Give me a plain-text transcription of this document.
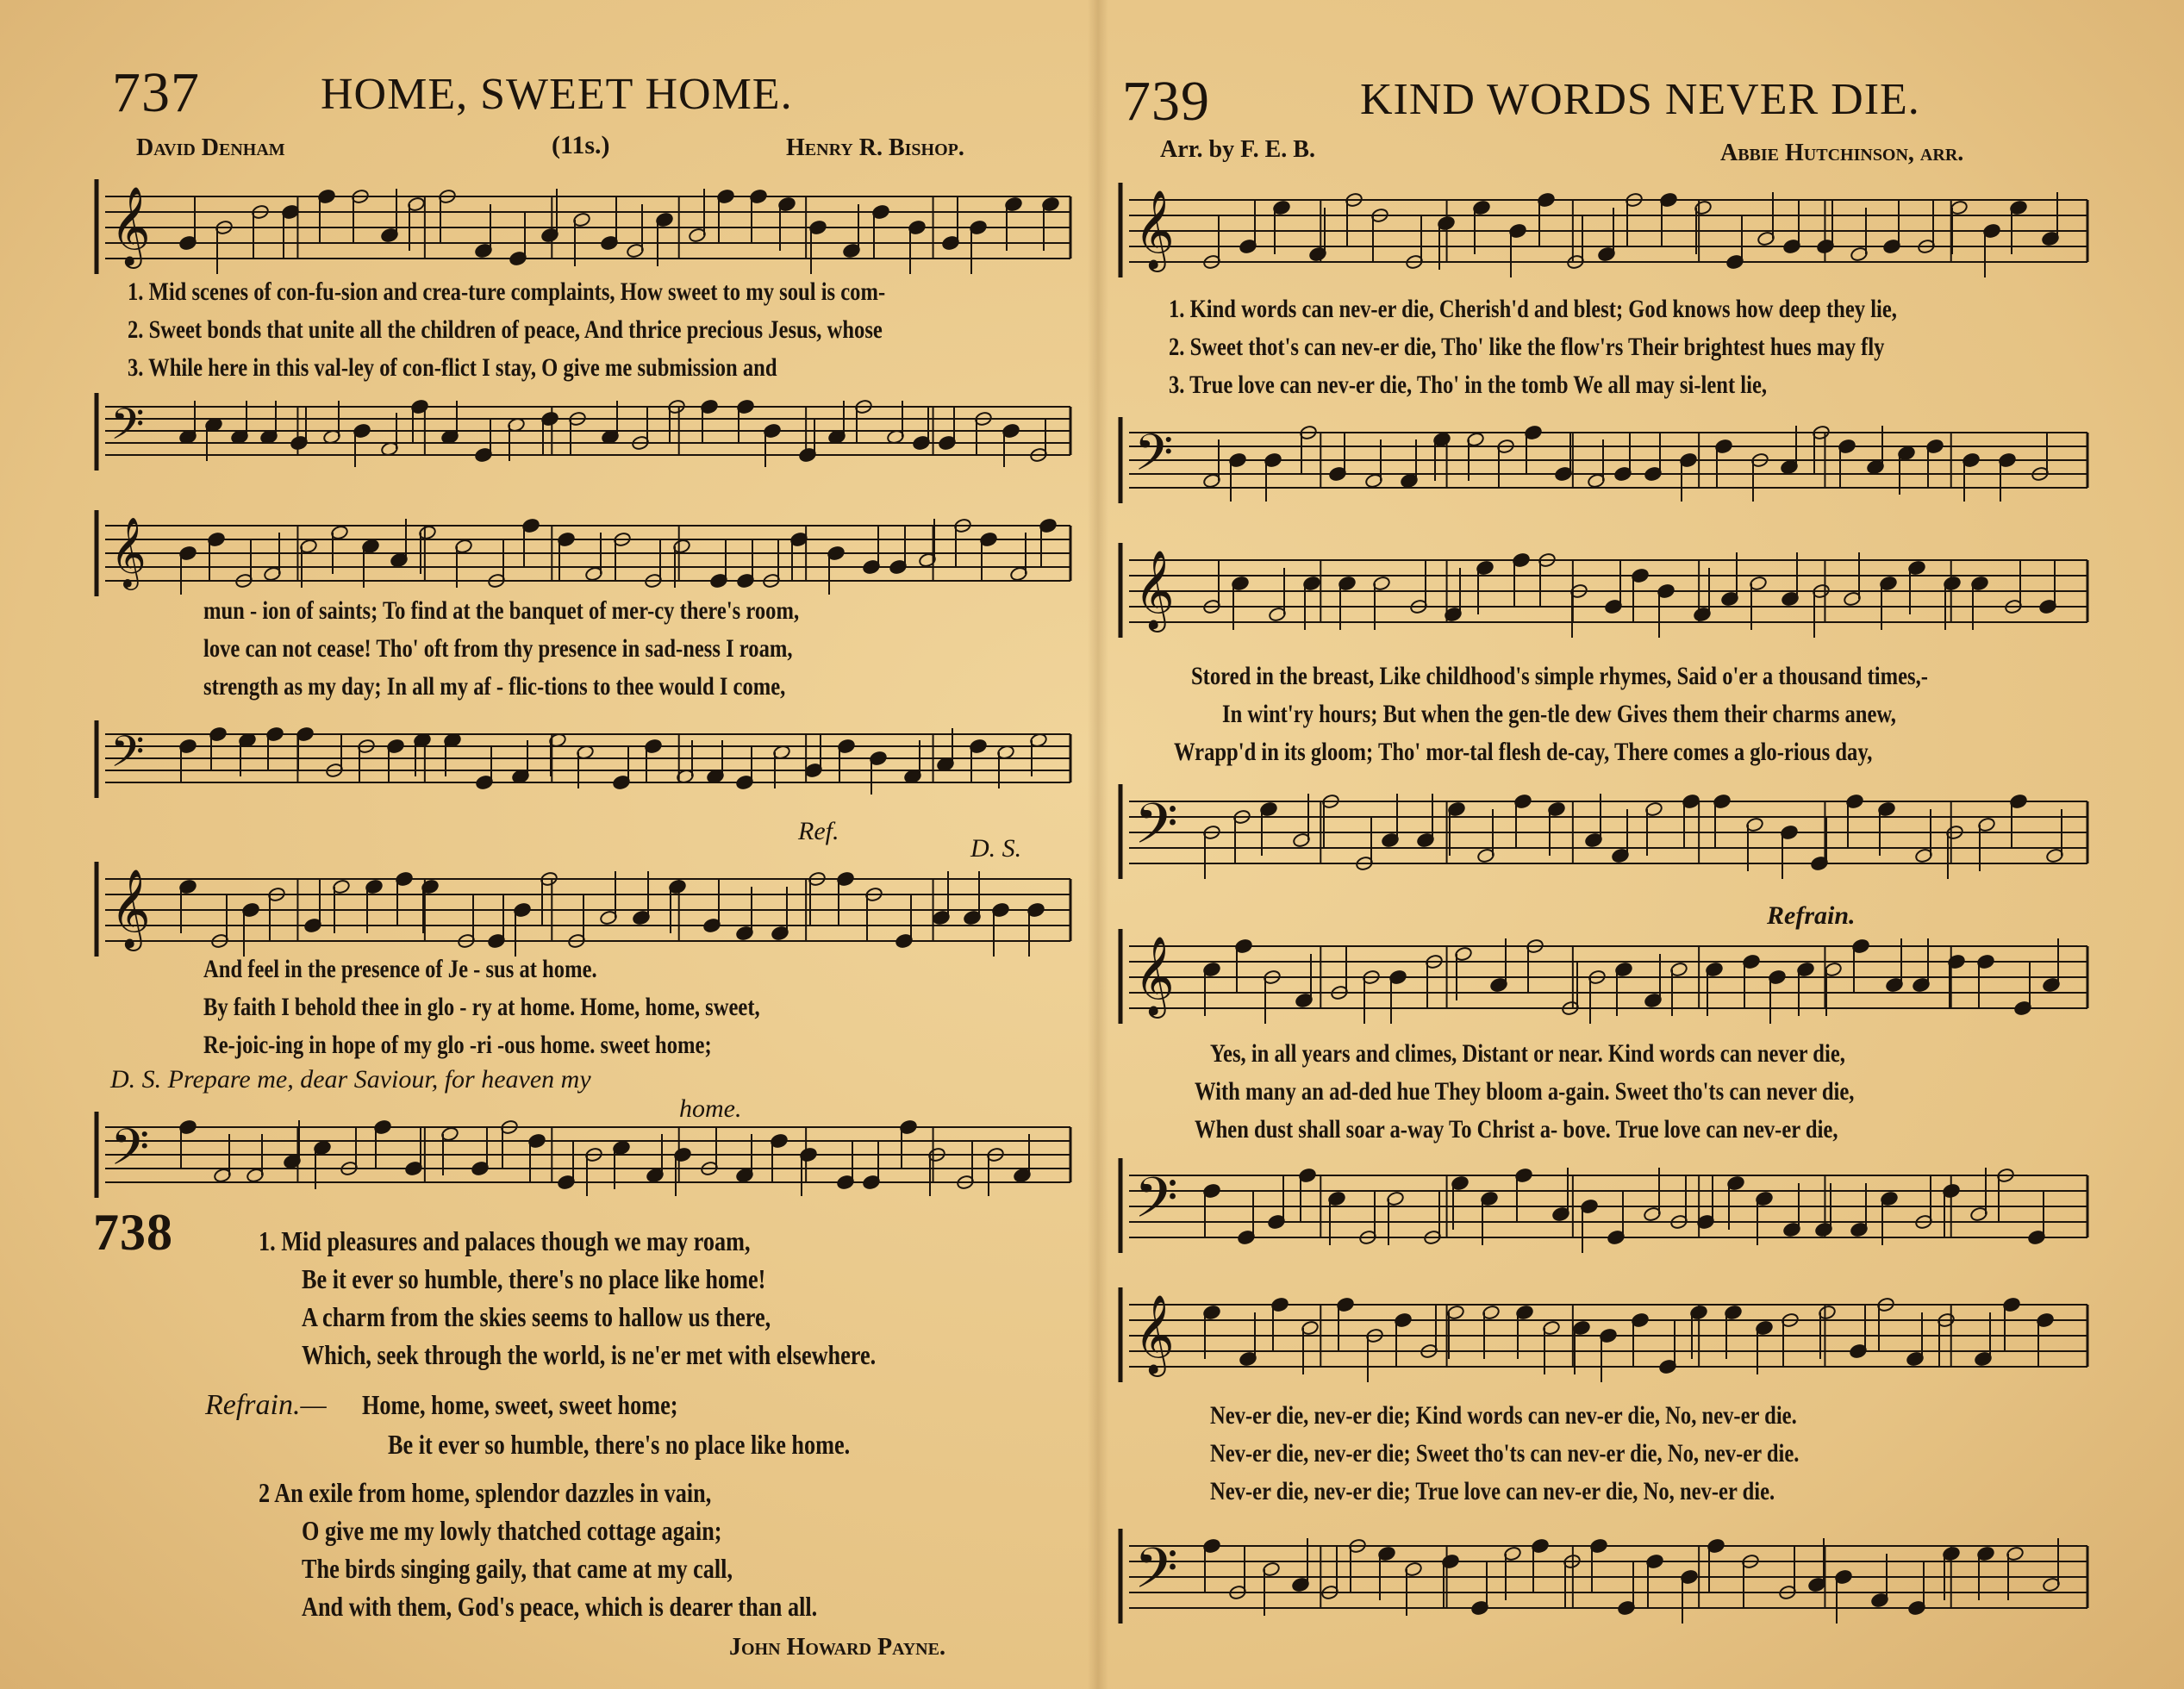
737	HOME, SWEET HOME.
David Denham	(11s.)	Henry R. Bishop.
𝄞
1. Mid scenes of con-fu-sion and crea-ture complaints, How sweet to my soul is com-
2. Sweet bonds that unite all the children of peace, And thrice precious Jesus, whose
3. While here in this val-ley of con-flict I stay, O give me submission and
𝄢
𝄞
mun - ion of saints; To find at the banquet of mer-cy there's room,
love can not cease! Tho' oft from thy presence in sad-ness I roam,
strength as my day; In all my af - flic-tions to thee would I come,
𝄢
Ref.
D. S.
𝄞
And feel in the presence of Je - sus at home.
By faith I behold thee in glo - ry at home. Home, home, sweet,
Re-joic-ing in hope of my glo -ri -ous home. sweet home;
D. S. Prepare me, dear Saviour, for heaven my
home.
𝄢
738	1. Mid pleasures and palaces though we may roam,
Be it ever so humble, there's no place like home!
A charm from the skies seems to hallow us there,
Which, seek through the world, is ne'er met with elsewhere.
Refrain.— Home, home, sweet, sweet home;
Be it ever so humble, there's no place like home.
2 An exile from home, splendor dazzles in vain,
O give me my lowly thatched cottage again;
The birds singing gaily, that came at my call,
And with them, God's peace, which is dearer than all.
John Howard Payne.
739	KIND WORDS NEVER DIE.
Arr. by F. E. B.	Abbie Hutchinson, arr.
𝄞
1. Kind words can nev-er die, Cherish'd and blest; God knows how deep they lie,
2. Sweet thot's can nev-er die, Tho' like the flow'rs Their brightest hues may fly
3. True love can nev-er die, Tho' in the tomb We all may si-lent lie,
𝄢
𝄞
Stored in the breast, Like childhood's simple rhymes, Said o'er a thousand times,-
In wint'ry hours; But when the gen-tle dew Gives them their charms anew,
Wrapp'd in its gloom; Tho' mor-tal flesh de-cay, There comes a glo-rious day,
𝄢
Refrain.
𝄞
Yes, in all years and climes, Distant or near. Kind words can never die,
With many an ad-ded hue They bloom a-gain. Sweet tho'ts can never die,
When dust shall soar a-way To Christ a- bove. True love can nev-er die,
𝄢
𝄞
Nev-er die, nev-er die; Kind words can nev-er die, No, nev-er die.
Nev-er die, nev-er die; Sweet tho'ts can nev-er die, No, nev-er die.
Nev-er die, nev-er die; True love can nev-er die, No, nev-er die.
𝄢
